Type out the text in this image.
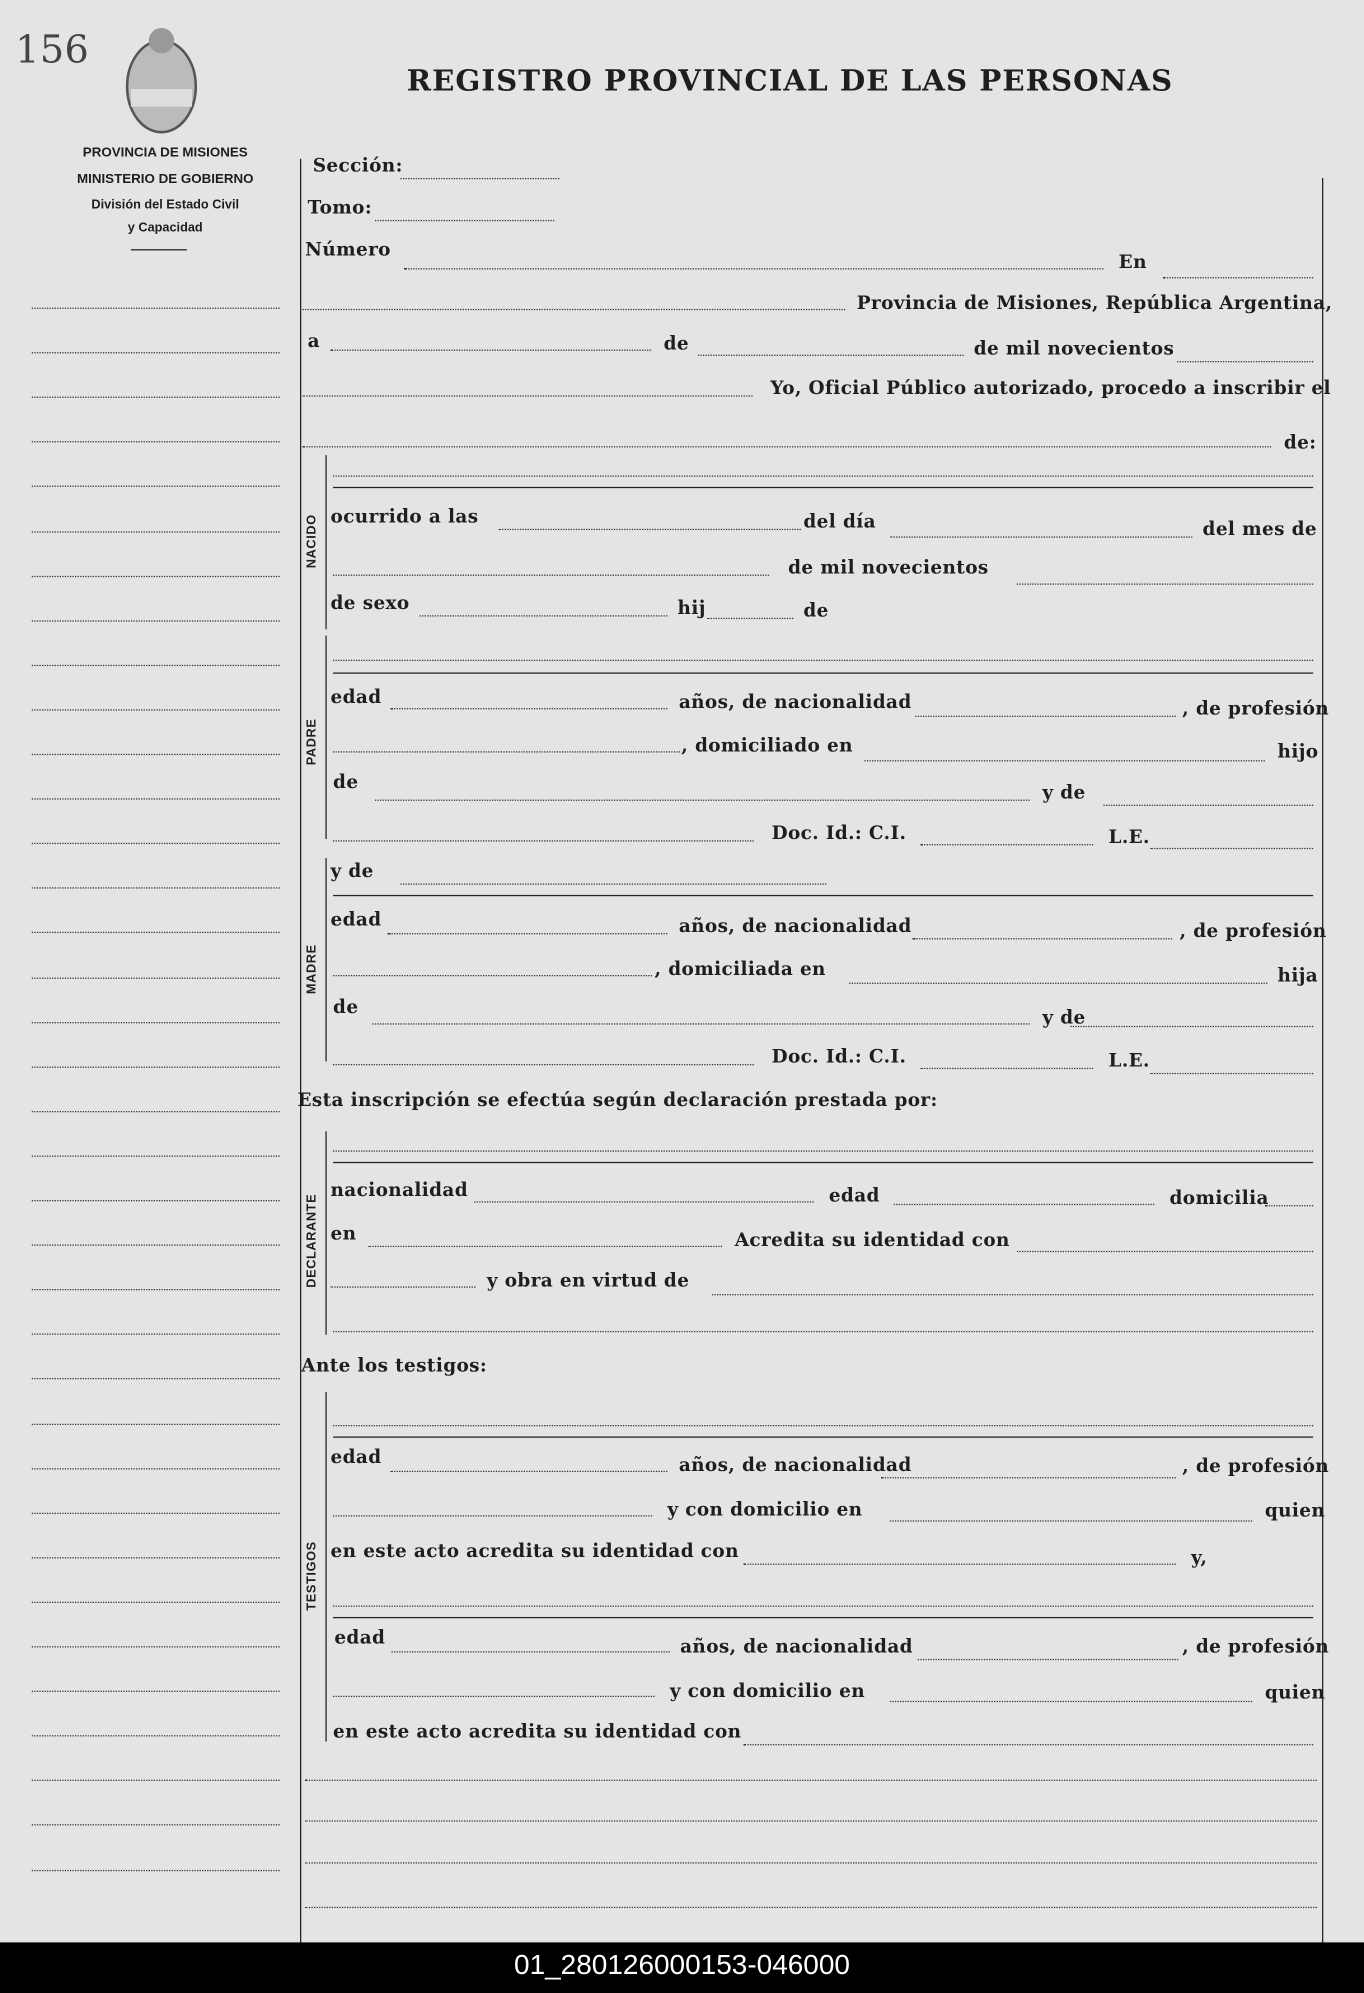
156
REGISTRO PROVINCIAL DE LAS PERSONAS
PROVINCIA DE MISIONES
MINISTERIO DE GOBIERNO
División del Estado Civil
y Capacidad
NACIDO
PADRE
MADRE
DECLARANTE
TESTIGOS
Sección:
Tomo:
Número
En
Provincia de Misiones, República Argentina,
a	de	de mil novecientos
Yo, Oficial Público autorizado, procedo a inscribir el
de:
ocurrido a las	del día	del mes de
de mil novecientos
de sexo	hij	de
edad	años, de nacionalidad	, de profesión
, domiciliado en	hijo
de	y de
Doc. Id.: C.I.	L.E.
y de
edad	años, de nacionalidad	, de profesión
, domiciliada en	hija
de	y de
Doc. Id.: C.I.	L.E.
Esta inscripción se efectúa según declaración prestada por:
nacionalidad	edad	domicilia
en	Acredita su identidad con
y obra en virtud de
Ante los testigos:
edad	años, de nacionalidad	, de profesión
y con domicilio en	quien
en este acto acredita su identidad con	y,
edad	años, de nacionalidad	, de profesión
y con domicilio en	quien
en este acto acredita su identidad con
01_280126000153-046000
